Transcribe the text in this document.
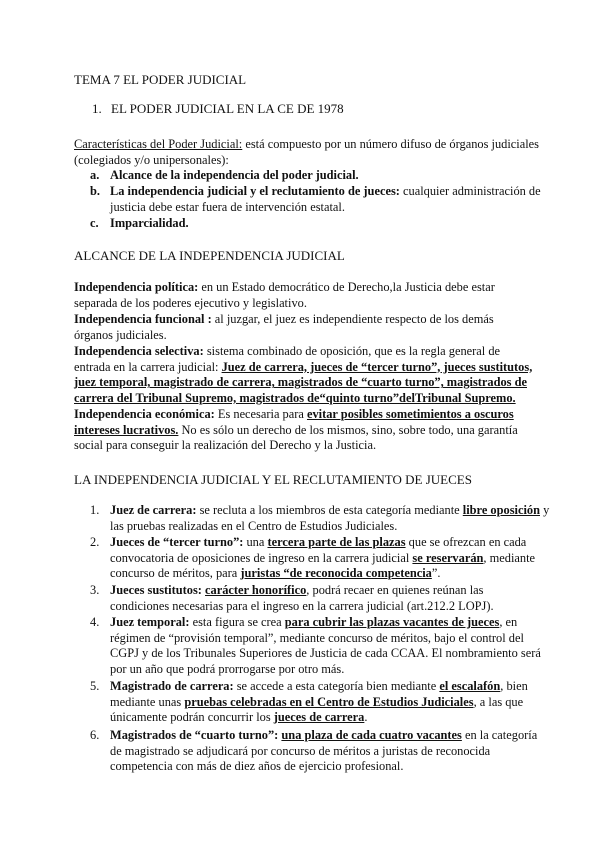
TEMA 7 EL PODER JUDICIAL
1. EL PODER JUDICIAL EN LA CE DE 1978
Características del Poder Judicial: está compuesto por un número difuso de órganos judiciales (colegiados y/o unipersonales):
a. Alcance de la independencia del poder judicial.
b. La independencia judicial y el reclutamiento de jueces: cualquier administración de justicia debe estar fuera de intervención estatal.
c. Imparcialidad.
ALCANCE DE LA INDEPENDENCIA JUDICIAL
Independencia política: en un Estado democrático de Derecho,la Justicia debe estar separada de los poderes ejecutivo y legislativo.
Independencia funcional : al juzgar, el juez es independiente respecto de los demás órganos judiciales.
Independencia selectiva: sistema combinado de oposición, que es la regla general de entrada en la carrera judicial: Juez de carrera, jueces de “tercer turno”, jueces sustitutos, juez temporal, magistrado de carrera, magistrados de “cuarto turno”, magistrados de carrera del Tribunal Supremo, magistrados de“quinto turno”delTribunal Supremo.
Independencia económica: Es necesaria para evitar posibles sometimientos a oscuros intereses lucrativos. No es sólo un derecho de los mismos, sino, sobre todo, una garantía social para conseguir la realización del Derecho y la Justicia.
LA INDEPENDENCIA JUDICIAL Y EL RECLUTAMIENTO DE JUECES
1. Juez de carrera: se recluta a los miembros de esta categoría mediante libre oposición y las pruebas realizadas en el Centro de Estudios Judiciales.
2. Jueces de “tercer turno”: una tercera parte de las plazas que se ofrezcan en cada convocatoria de oposiciones de ingreso en la carrera judicial se reservarán, mediante concurso de méritos, para juristas “de reconocida competencia”.
3. Jueces sustitutos: carácter honorífico, podrá recaer en quienes reúnan las condiciones necesarias para el ingreso en la carrera judicial (art.212.2 LOPJ).
4. Juez temporal: esta figura se crea para cubrir las plazas vacantes de jueces, en régimen de “provisión temporal”, mediante concurso de méritos, bajo el control del CGPJ y de los Tribunales Superiores de Justicia de cada CCAA. El nombramiento será por un año que podrá prorrogarse por otro más.
5. Magistrado de carrera: se accede a esta categoría bien mediante el escalafón, bien mediante unas pruebas celebradas en el Centro de Estudios Judiciales, a las que únicamente podrán concurrir los jueces de carrera.
6. Magistrados de “cuarto turno”: una plaza de cada cuatro vacantes en la categoría de magistrado se adjudicará por concurso de méritos a juristas de reconocida competencia con más de diez años de ejercicio profesional.
